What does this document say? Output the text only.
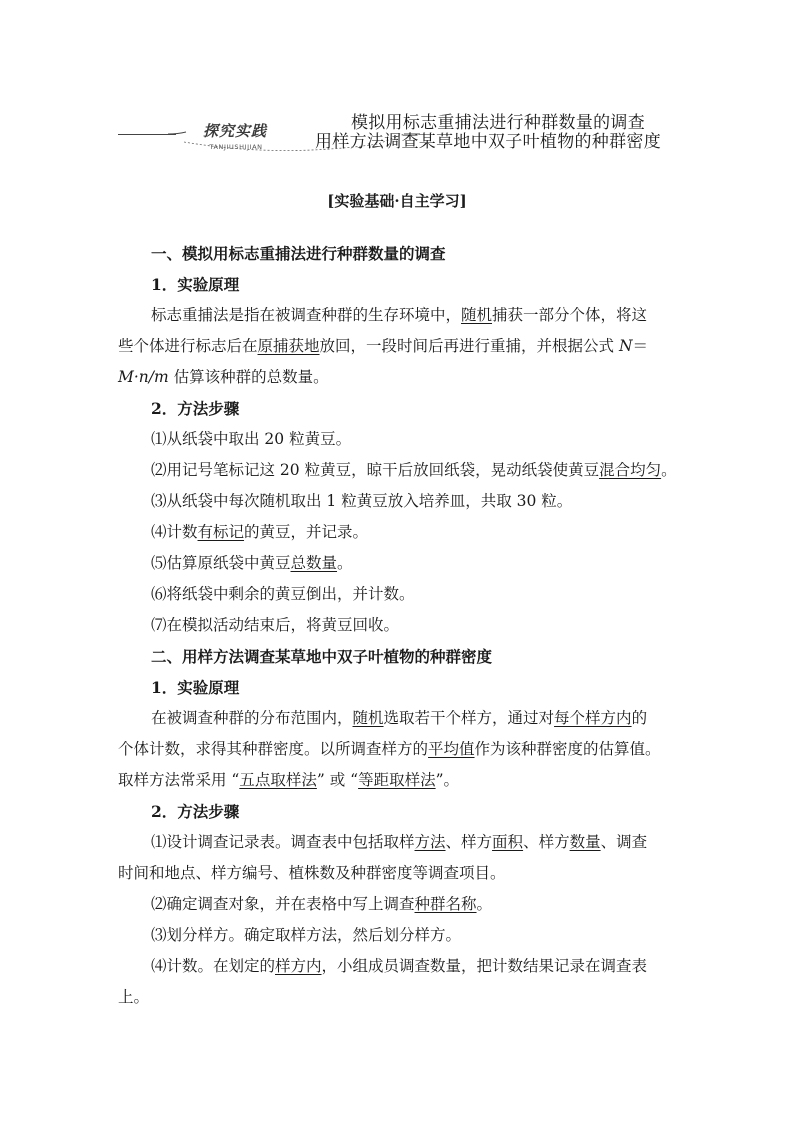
探究实践
TANJIUSHIJIAN
模拟用标志重捕法进行种群数量的调查
用样方法调查某草地中双子叶植物的种群密度
[实验基础·自主学习]
一、模拟用标志重捕法进行种群数量的调查
1．实验原理
标志重捕法是指在被调查种群的生存环境中，随机捕获一部分个体，将这
些个体进行标志后在原捕获地放回，一段时间后再进行重捕，并根据公式 N＝
M·n/m 估算该种群的总数量。
2．方法步骤
⑴从纸袋中取出 20 粒黄豆。
⑵用记号笔标记这 20 粒黄豆，晾干后放回纸袋，晃动纸袋使黄豆混合均匀。
⑶从纸袋中每次随机取出 1 粒黄豆放入培养皿，共取 30 粒。
⑷计数有标记的黄豆，并记录。
⑸估算原纸袋中黄豆总数量。
⑹将纸袋中剩余的黄豆倒出，并计数。
⑺在模拟活动结束后，将黄豆回收。
二、用样方法调查某草地中双子叶植物的种群密度
1．实验原理
在被调查种群的分布范围内，随机选取若干个样方，通过对每个样方内的
个体计数，求得其种群密度。以所调查样方的平均值作为该种群密度的估算值。
取样方法常采用 “五点取样法” 或 “等距取样法”。
2．方法步骤
⑴设计调查记录表。调查表中包括取样方法、样方面积、样方数量、调查
时间和地点、样方编号、植株数及种群密度等调查项目。
⑵确定调查对象，并在表格中写上调查种群名称。
⑶划分样方。确定取样方法，然后划分样方。
⑷计数。在划定的样方内，小组成员调查数量，把计数结果记录在调查表
上。
